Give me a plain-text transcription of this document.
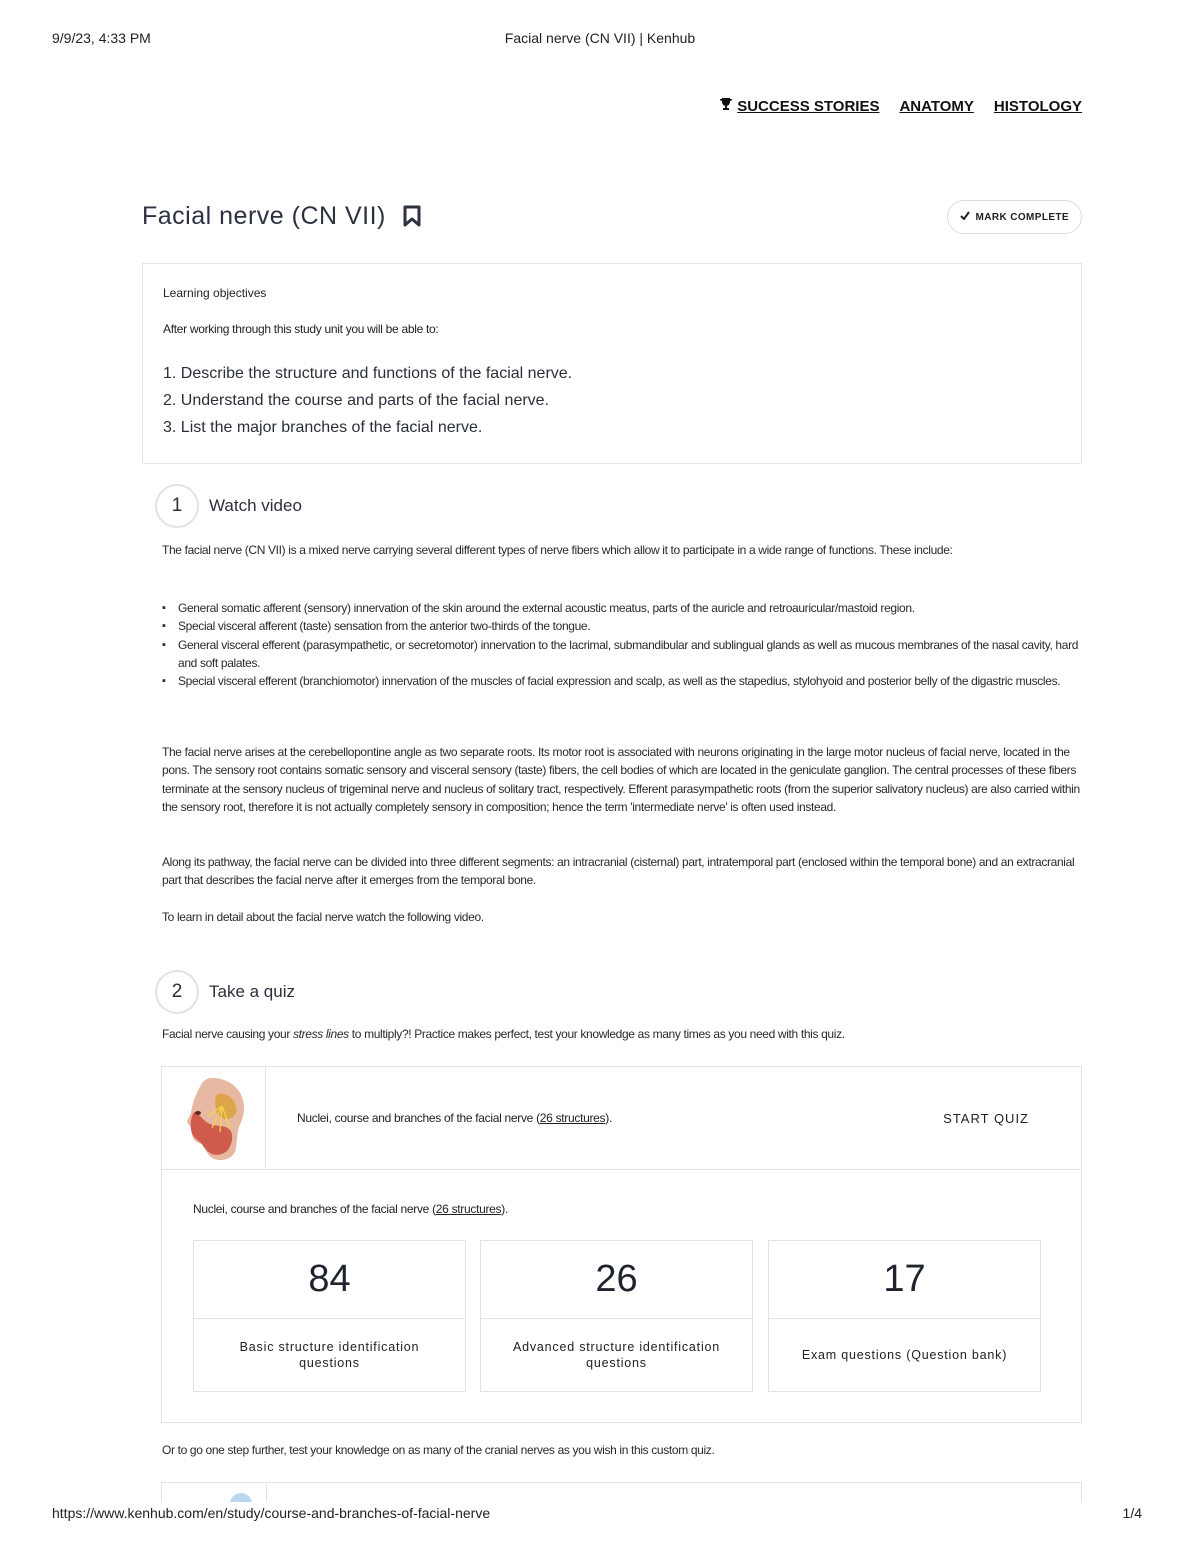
9/9/23, 4:33 PM	Facial nerve (CN VII) | Kenhub
SUCCESS STORIES ANATOMY HISTOLOGY
Facial nerve (CN VII)	MARK COMPLETE
Learning objectives
After working through this study unit you will be able to:
1. Describe the structure and functions of the facial nerve.
2. Understand the course and parts of the facial nerve.
3. List the major branches of the facial nerve.
1	Watch video
The facial nerve (CN VII) is a mixed nerve carrying several different types of nerve fibers which allow it to participate in a wide range of functions. These include:
▪ General somatic afferent (sensory) innervation of the skin around the external acoustic meatus, parts of the auricle and retroauricular/mastoid region.
▪ Special visceral afferent (taste) sensation from the anterior two-thirds of the tongue.
▪ General visceral efferent (parasympathetic, or secretomotor) innervation to the lacrimal, submandibular and sublingual glands as well as mucous membranes of the nasal cavity, hard and soft palates.
▪ Special visceral efferent (branchiomotor) innervation of the muscles of facial expression and scalp, as well as the stapedius, stylohyoid and posterior belly of the digastric muscles.
The facial nerve arises at the cerebellopontine angle as two separate roots. Its motor root is associated with neurons originating in the large motor nucleus of facial nerve, located in the pons. The sensory root contains somatic sensory and visceral sensory (taste) fibers, the cell bodies of which are located in the geniculate ganglion. The central processes of these fibers terminate at the sensory nucleus of trigeminal nerve and nucleus of solitary tract, respectively. Efferent parasympathetic roots (from the superior salivatory nucleus) are also carried within the sensory root, therefore it is not actually completely sensory in composition; hence the term 'intermediate nerve' is often used instead.
Along its pathway, the facial nerve can be divided into three different segments: an intracranial (cisternal) part, intratemporal part (enclosed within the temporal bone) and an extracranial part that describes the facial nerve after it emerges from the temporal bone.
To learn in detail about the facial nerve watch the following video.
2	Take a quiz
Facial nerve causing your stress lines to multiply?! Practice makes perfect, test your knowledge as many times as you need with this quiz.
Nuclei, course and branches of the facial nerve (26 structures).	START QUIZ
Nuclei, course and branches of the facial nerve (26 structures).
84
Basic structure identification questions
26
Advanced structure identification questions
17
Exam questions (Question bank)
Or to go one step further, test your knowledge on as many of the cranial nerves as you wish in this custom quiz.
https://www.kenhub.com/en/study/course-and-branches-of-facial-nerve	1/4
